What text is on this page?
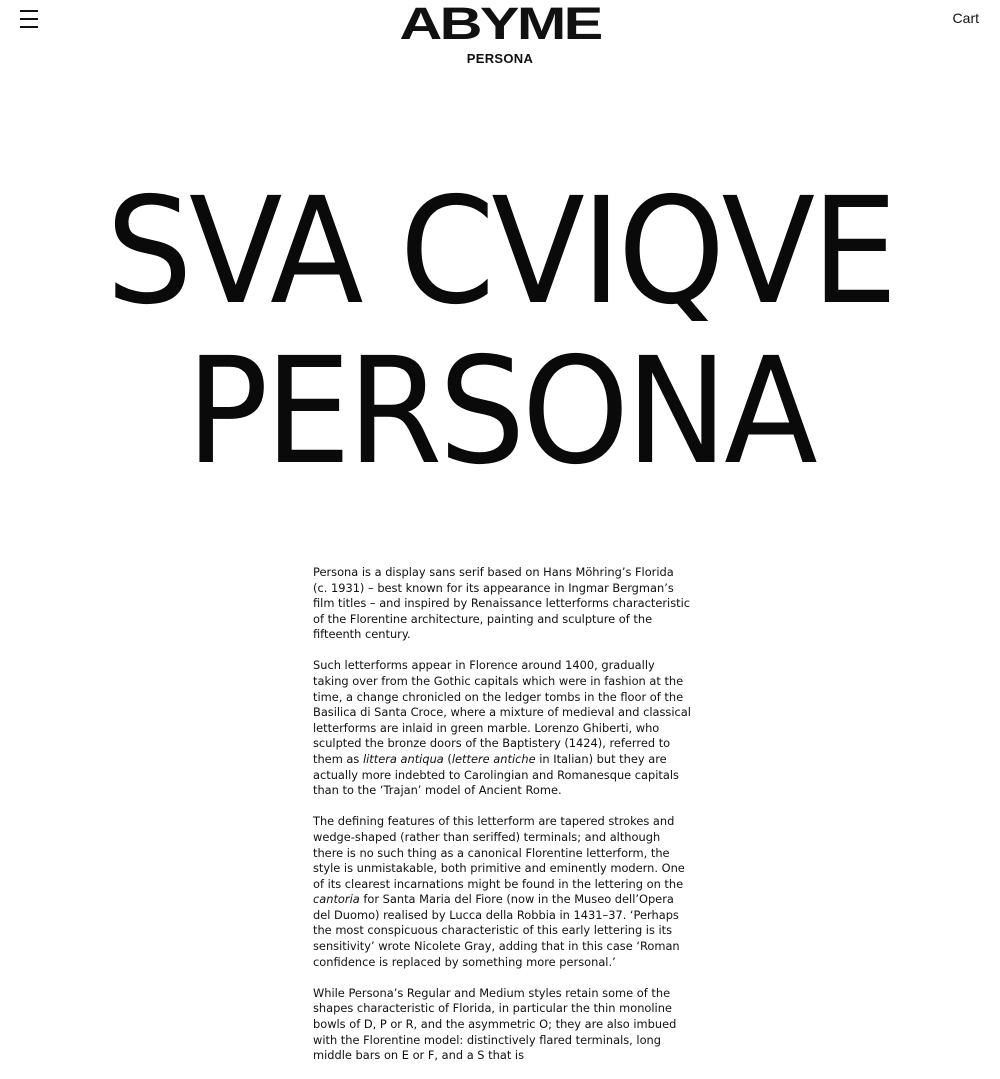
ABYME
PERSONA
Cart
SVA CVIQVE
PERSONA

Persona is a display sans serif based on Hans Möhring’s Florida (c. 1931) – best known for its appearance in Ingmar Bergman’s film titles – and inspired by Renaissance letterforms characteristic of the Florentine architecture, painting and sculpture of the fifteenth century.

Such letterforms appear in Florence around 1400, gradually taking over from the Gothic capitals which were in fashion at the time, a change chronicled on the ledger tombs in the floor of the Basilica di Santa Croce, where a mixture of medieval and classical letterforms are inlaid in green marble. Lorenzo Ghiberti, who sculpted the bronze doors of the Baptistery (1424), referred to them as littera antiqua (lettere antiche in Italian) but they are actually more indebted to Carolingian and Romanesque capitals than to the ‘Trajan’ model of Ancient Rome.

The defining features of this letterform are tapered strokes and wedge-shaped (rather than seriffed) terminals; and although there is no such thing as a canonical Florentine letterform, the style is unmistakable, both primitive and eminently modern. One of its clearest incarnations might be found in the lettering on the cantoria for Santa Maria del Fiore (now in the Museo dell’Opera del Duomo) realised by Lucca della Robbia in 1431–37. ‘Perhaps the most conspicuous characteristic of this early lettering is its sensitivity’ wrote Nicolete Gray, adding that in this case ‘Roman confidence is replaced by something more personal.’

While Persona’s Regular and Medium styles retain some of the shapes characteristic of Florida, in particular the thin monoline bowls of D, P or R, and the asymmetric O; they are also imbued with the Florentine model: distinctively flared terminals, long middle bars on E or F, and a S that is
